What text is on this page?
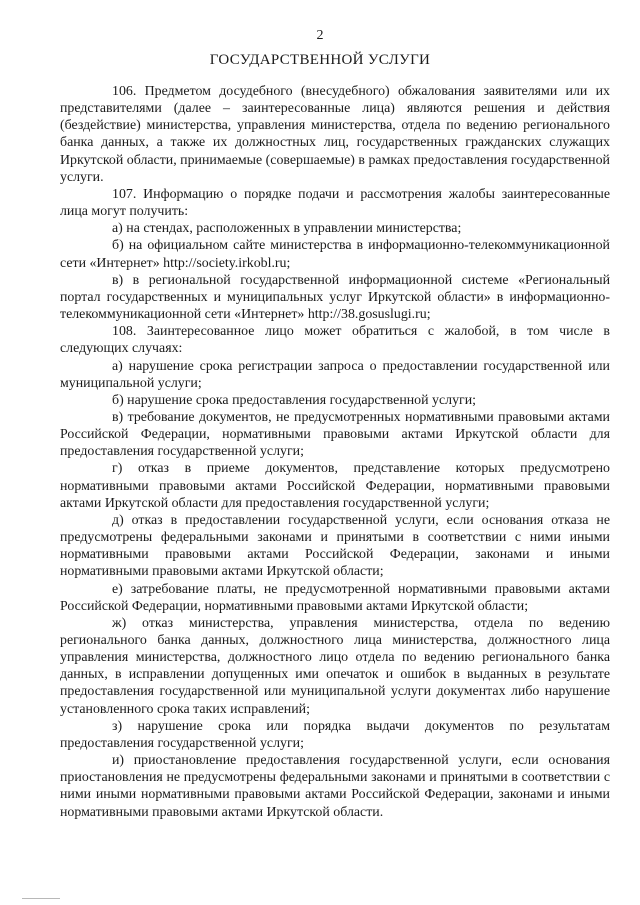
2
ГОСУДАРСТВЕННОЙ УСЛУГИ

106. Предметом досудебного (внесудебного) обжалования заявителями или их представителями (далее – заинтересованные лица) являются решения и действия (бездействие) министерства, управления министерства, отдела по ведению регионального банка данных, а также их должностных лиц, государственных гражданских служащих Иркутской области, принимаемые (совершаемые) в рамках предоставления государственной услуги.

107. Информацию о порядке подачи и рассмотрения жалобы заинтересованные лица могут получить:

а) на стендах, расположенных в управлении министерства;

б) на официальном сайте министерства в информационно-телекоммуникационной сети «Интернет» http://society.irkobl.ru;

в) в региональной государственной информационной системе «Региональный портал государственных и муниципальных услуг Иркутской области» в информационно-телекоммуникационной сети «Интернет» http://38.gosuslugi.ru;

108. Заинтересованное лицо может обратиться с жалобой, в том числе в следующих случаях:

а) нарушение срока регистрации запроса о предоставлении государственной или муниципальной услуги;

б) нарушение срока предоставления государственной услуги;

в) требование документов, не предусмотренных нормативными правовыми актами Российской Федерации, нормативными правовыми актами Иркутской области для предоставления государственной услуги;

г) отказ в приеме документов, представление которых предусмотрено нормативными правовыми актами Российской Федерации, нормативными правовыми актами Иркутской области для предоставления государственной услуги;

д) отказ в предоставлении государственной услуги, если основания отказа не предусмотрены федеральными законами и принятыми в соответствии с ними иными нормативными правовыми актами Российской Федерации, законами и иными нормативными правовыми актами Иркутской области;

е) затребование платы, не предусмотренной нормативными правовыми актами Российской Федерации, нормативными правовыми актами Иркутской области;

ж) отказ министерства, управления министерства, отдела по ведению регионального банка данных, должностного лица министерства, должностного лица управления министерства, должностного лицо отдела по ведению регионального банка данных, в исправлении допущенных ими опечаток и ошибок в выданных в результате предоставления государственной или муниципальной услуги документах либо нарушение установленного срока таких исправлений;

з) нарушение срока или порядка выдачи документов по результатам предоставления государственной услуги;

и) приостановление предоставления государственной услуги, если основания приостановления не предусмотрены федеральными законами и принятыми в соответствии с ними иными нормативными правовыми актами Российской Федерации, законами и иными нормативными правовыми актами Иркутской области.
